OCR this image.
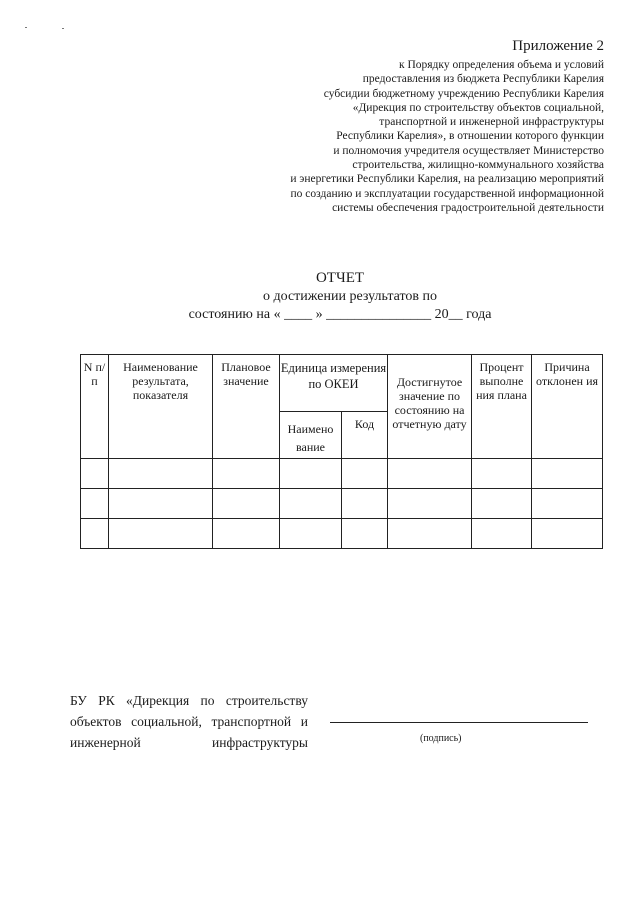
Приложение 2
к Порядку определения объема и условий
предоставления из бюджета Республики Карелия
субсидии бюджетному учреждению Республики Карелия
«Дирекция по строительству объектов социальной,
транспортной и инженерной инфраструктуры
Республики Карелия», в отношении которого функции
и полномочия учредителя осуществляет Министерство
строительства, жилищно-коммунального хозяйства
и энергетики Республики Карелия, на реализацию мероприятий
по созданию и эксплуатации государственной информационной
системы обеспечения градостроительной деятельности
ОТЧЕТ
о достижении результатов по
состоянию на « ____ » _______________ 20__ года
N п/п	Наименование результата, показателя	Плановое значение	Единица измерения по ОКЕИ		Достигнутое значение по состоянию на отчетную дату	Процент выполне ния плана	Причина отклонен ия
			Наимено вание	Код			

БУ РК «Дирекция по строительству
объектов социальной, транспортной и
инженерной	инфраструктуры	(подпись)
